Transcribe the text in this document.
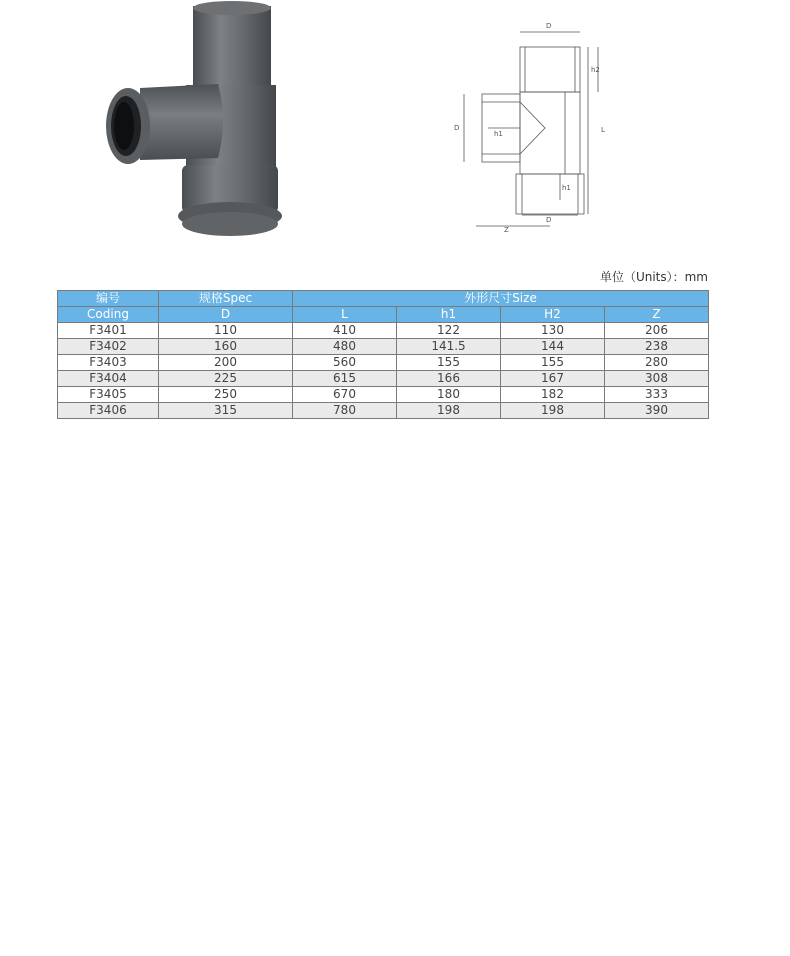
D
h2
L
D
h1
h1
D
Z
单位（Units）：mm
编号	规格Spec	外形尺寸Size			
Coding	D	L	h1	H2	Z
F3401	110	410	122	130	206
F3402	160	480	141.5	144	238
F3403	200	560	155	155	280
F3404	225	615	166	167	308
F3405	250	670	180	182	333
F3406	315	780	198	198	390
